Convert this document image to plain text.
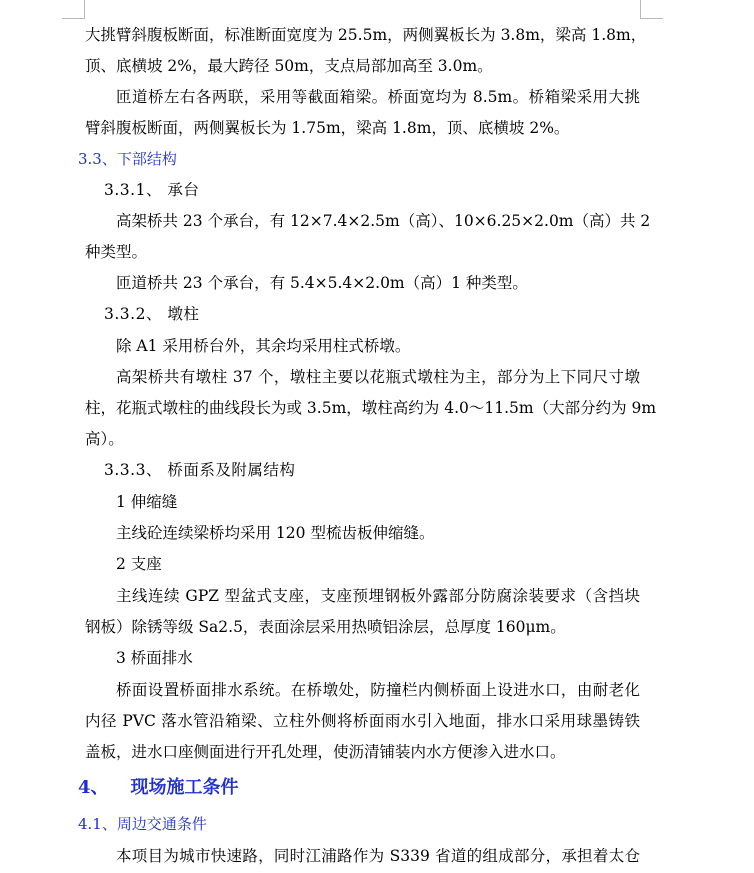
大挑臂斜腹板断面，标准断面宽度为 25.5m，两侧翼板长为 3.8m，梁高 1.8m，
顶、底横坡 2%，最大跨径 50m，支点局部加高至 3.0m。
匝道桥左右各两联，采用等截面箱梁。桥面宽均为 8.5m。桥箱梁采用大挑
臂斜腹板断面，两侧翼板长为 1.75m，梁高 1.8m，顶、底横坡 2%。
3.3、下部结构
3.3.1、 承台
高架桥共 23 个承台，有 12×7.4×2.5m（高）、10×6.25×2.0m（高）共 2
种类型。
匝道桥共 23 个承台，有 5.4×5.4×2.0m（高）1 种类型。
3.3.2、 墩柱
除 A1 采用桥台外，其余均采用柱式桥墩。
高架桥共有墩柱 37 个，墩柱主要以花瓶式墩柱为主，部分为上下同尺寸墩
柱，花瓶式墩柱的曲线段长为或 3.5m，墩柱高约为 4.0～11.5m（大部分约为 9m
高）。
3.3.3、 桥面系及附属结构
1 伸缩缝
主线砼连续梁桥均采用 120 型梳齿板伸缩缝。
2 支座
主线连续 GPZ 型盆式支座，支座预埋钢板外露部分防腐涂装要求（含挡块
钢板）除锈等级 Sa2.5，表面涂层采用热喷铝涂层，总厚度 160μm。
3 桥面排水
桥面设置桥面排水系统。在桥墩处，防撞栏内侧桥面上设进水口，由耐老化
内径 PVC 落水管沿箱梁、立柱外侧将桥面雨水引入地面，排水口采用球墨铸铁
盖板，进水口座侧面进行开孔处理，使沥清铺装内水方便渗入进水口。
4、 现场施工条件
4.1、周边交通条件
本项目为城市快速路，同时江浦路作为 S339 省道的组成部分，承担着太仓
